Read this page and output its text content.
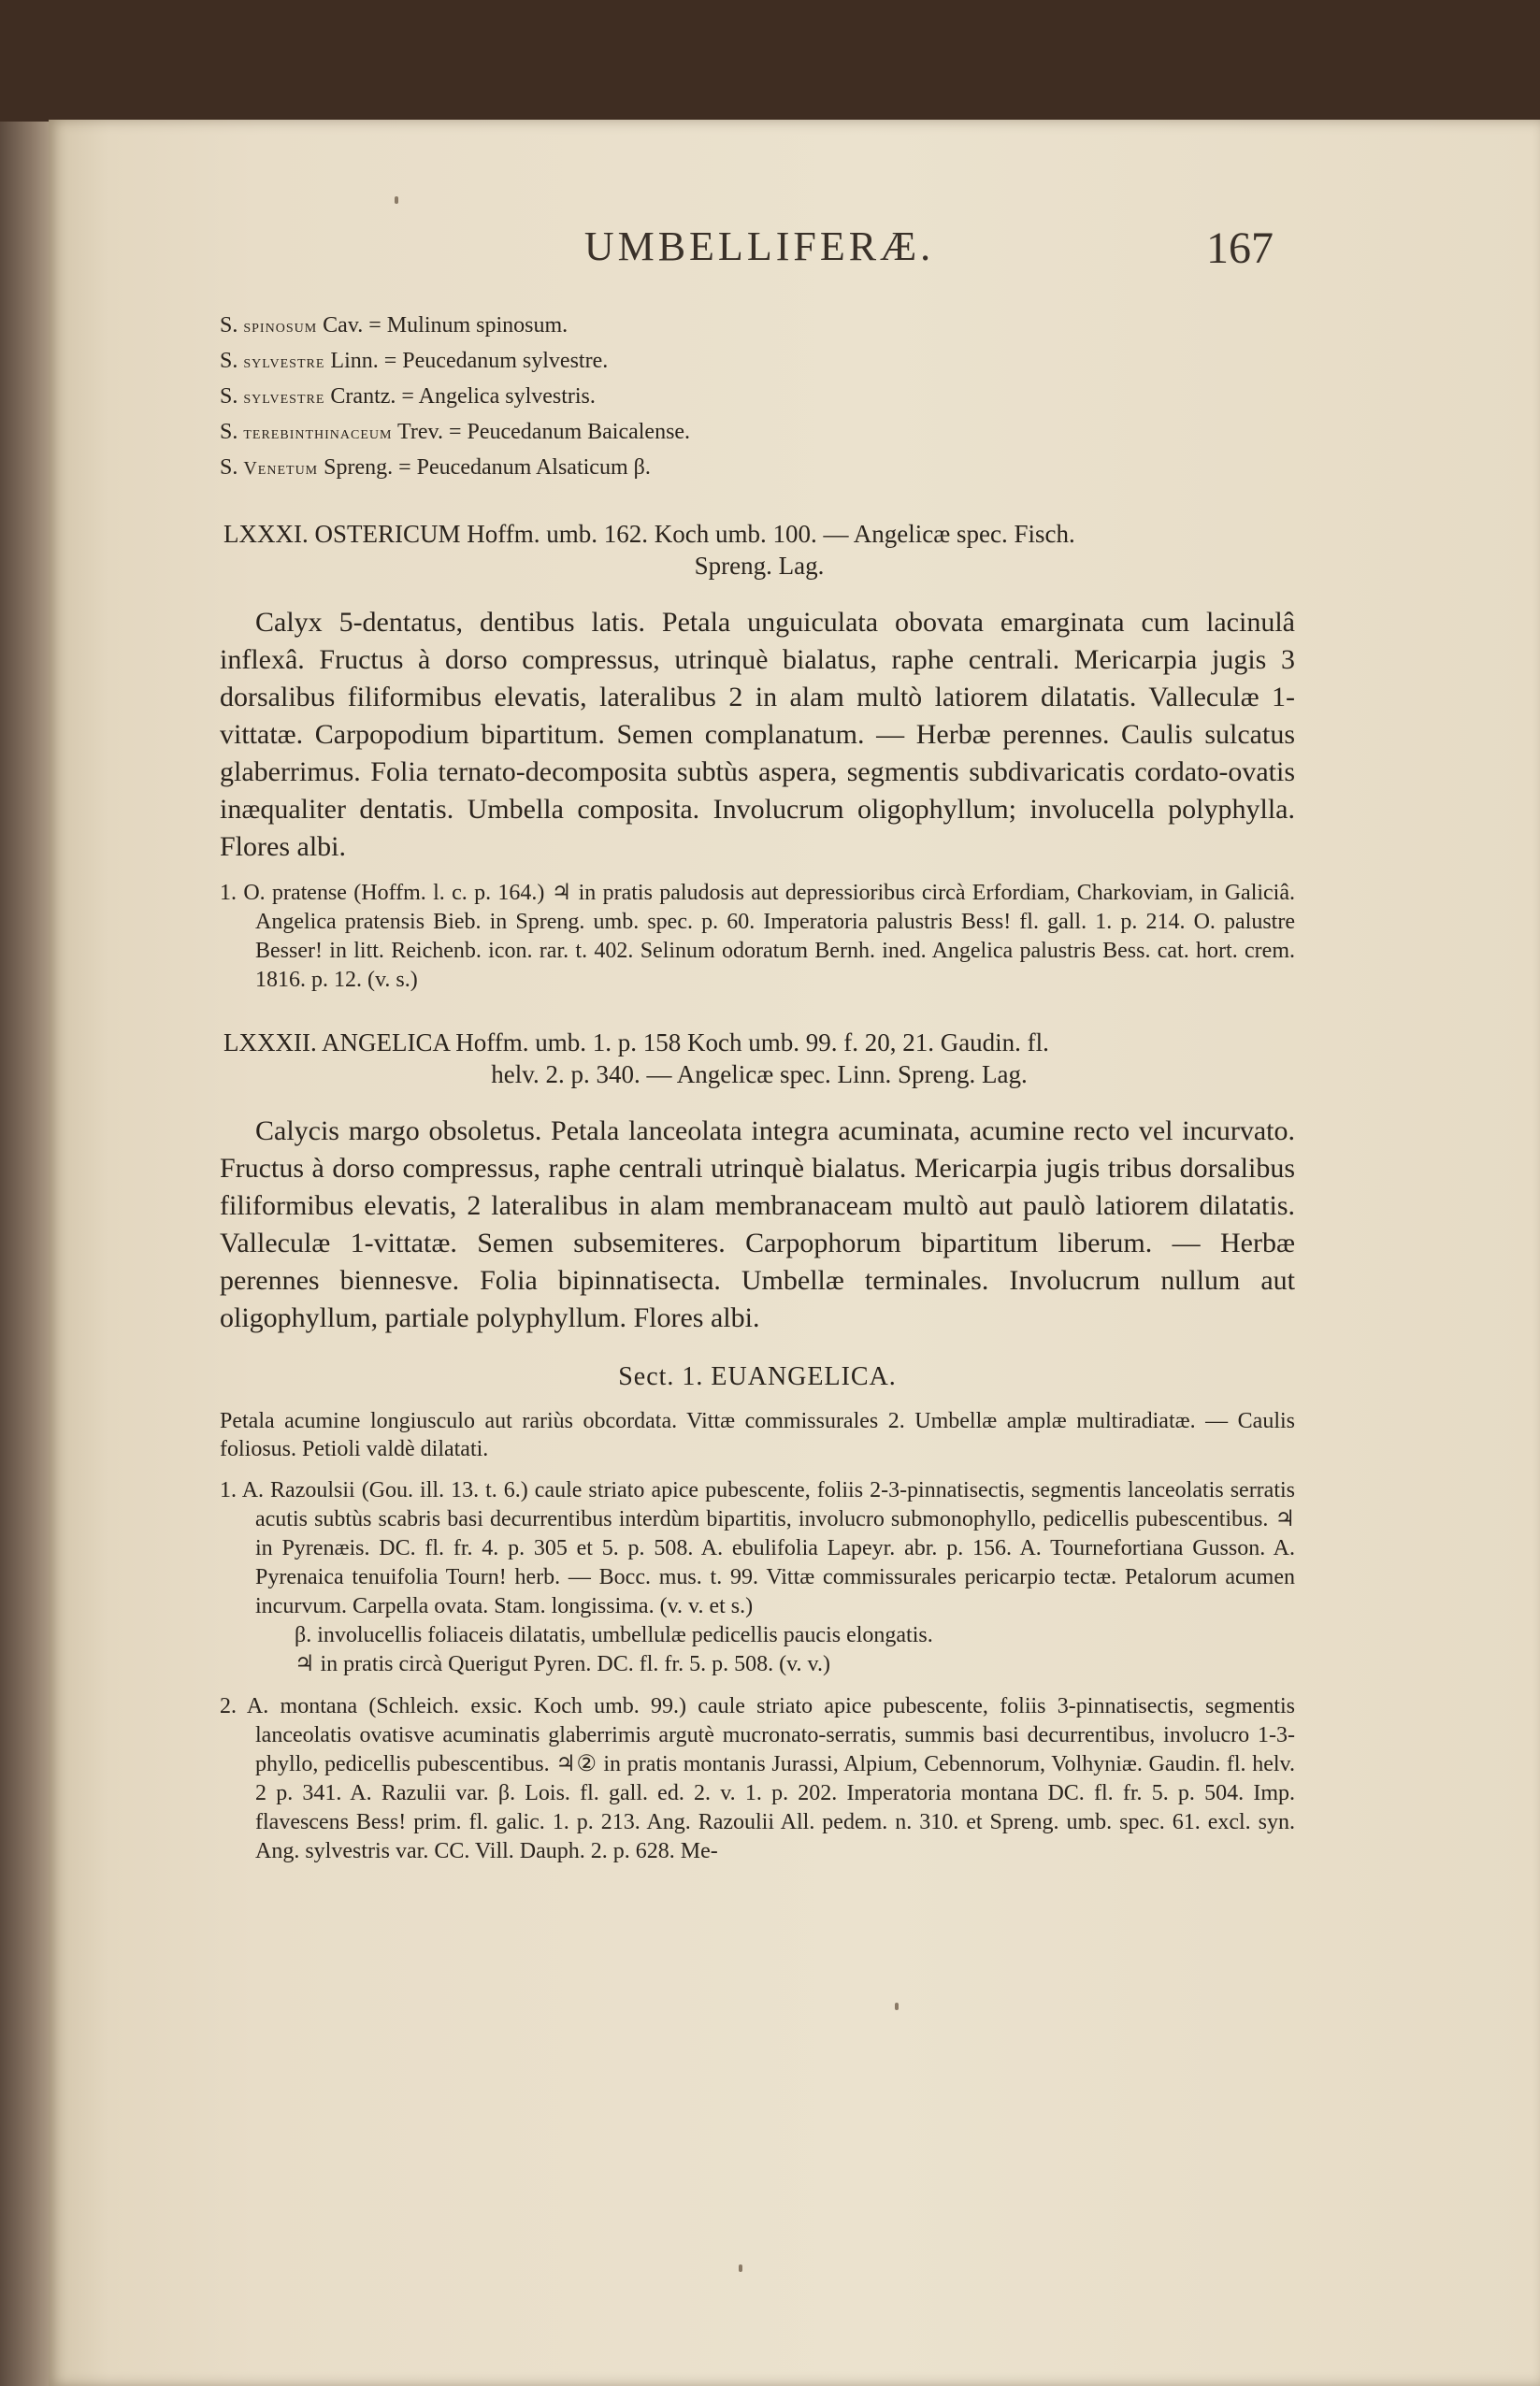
UMBELLIFERÆ.	167
S. spinosum Cav. = Mulinum spinosum.
S. sylvestre Linn. = Peucedanum sylvestre.
S. sylvestre Crantz. = Angelica sylvestris.
S. terebinthinaceum Trev. = Peucedanum Baicalense.
S. Venetum Spreng. = Peucedanum Alsaticum β.
LXXXI. OSTERICUM Hoffm. umb. 162. Koch umb. 100. — Angelicæ spec. Fisch.
Spreng. Lag.
Calyx 5-dentatus, dentibus latis. Petala unguiculata obovata emarginata cum lacinulâ inflexâ. Fructus à dorso compressus, utrinquè bialatus, raphe centrali. Mericarpia jugis 3 dorsalibus filiformibus elevatis, lateralibus 2 in alam multò latiorem dilatatis. Valleculæ 1-vittatæ. Carpopodium bipartitum. Semen complanatum. — Herbæ perennes. Caulis sulcatus glaberrimus. Folia ternato-decomposita subtùs aspera, segmentis subdivaricatis cordato-ovatis inæqualiter dentatis. Umbella composita. Involucrum oligophyllum; involucella polyphylla. Flores albi.
1. O. pratense (Hoffm. l. c. p. 164.) ♃ in pratis paludosis aut depressioribus circà Erfordiam, Charkoviam, in Galiciâ. Angelica pratensis Bieb. in Spreng. umb. spec. p. 60. Imperatoria palustris Bess! fl. gall. 1. p. 214. O. palustre Besser! in litt. Reichenb. icon. rar. t. 402. Selinum odoratum Bernh. ined. Angelica palustris Bess. cat. hort. crem. 1816. p. 12. (v. s.)
LXXXII. ANGELICA Hoffm. umb. 1. p. 158 Koch umb. 99. f. 20, 21. Gaudin. fl.
helv. 2. p. 340. — Angelicæ spec. Linn. Spreng. Lag.
Calycis margo obsoletus. Petala lanceolata integra acuminata, acumine recto vel incurvato. Fructus à dorso compressus, raphe centrali utrinquè bialatus. Mericarpia jugis tribus dorsalibus filiformibus elevatis, 2 lateralibus in alam membranaceam multò aut paulò latiorem dilatatis. Valleculæ 1-vittatæ. Semen subsemiteres. Carpophorum bipartitum liberum. — Herbæ perennes biennesve. Folia bipinnatisecta. Umbellæ terminales. Involucrum nullum aut oligophyllum, partiale polyphyllum. Flores albi.
Sect. 1. EUANGELICA.
Petala acumine longiusculo aut rariùs obcordata. Vittæ commissurales 2. Umbellæ amplæ multiradiatæ. — Caulis foliosus. Petioli valdè dilatati.
1. A. Razoulsii (Gou. ill. 13. t. 6.) caule striato apice pubescente, foliis 2-3-pinnatisectis, segmentis lanceolatis serratis acutis subtùs scabris basi decurrentibus interdùm bipartitis, involucro submonophyllo, pedicellis pubescentibus. ♃ in Pyrenæis. DC. fl. fr. 4. p. 305 et 5. p. 508. A. ebulifolia Lapeyr. abr. p. 156. A. Tournefortiana Gusson. A. Pyrenaica tenuifolia Tourn! herb. — Bocc. mus. t. 99. Vittæ commissurales pericarpio tectæ. Petalorum acumen incurvum. Carpella ovata. Stam. longissima. (v. v. et s.)
β. involucellis foliaceis dilatatis, umbellulæ pedicellis paucis elongatis.
♃ in pratis circà Querigut Pyren. DC. fl. fr. 5. p. 508. (v. v.)
2. A. montana (Schleich. exsic. Koch umb. 99.) caule striato apice pubescente, foliis 3-pinnatisectis, segmentis lanceolatis ovatisve acuminatis glaberrimis argutè mucronato-serratis, summis basi decurrentibus, involucro 1-3-phyllo, pedicellis pubescentibus. ♃② in pratis montanis Jurassi, Alpium, Cebennorum, Volhyniæ. Gaudin. fl. helv. 2 p. 341. A. Razulii var. β. Lois. fl. gall. ed. 2. v. 1. p. 202. Imperatoria montana DC. fl. fr. 5. p. 504. Imp. flavescens Bess! prim. fl. galic. 1. p. 213. Ang. Razoulii All. pedem. n. 310. et Spreng. umb. spec. 61. excl. syn. Ang. sylvestris var. CC. Vill. Dauph. 2. p. 628. Me-
